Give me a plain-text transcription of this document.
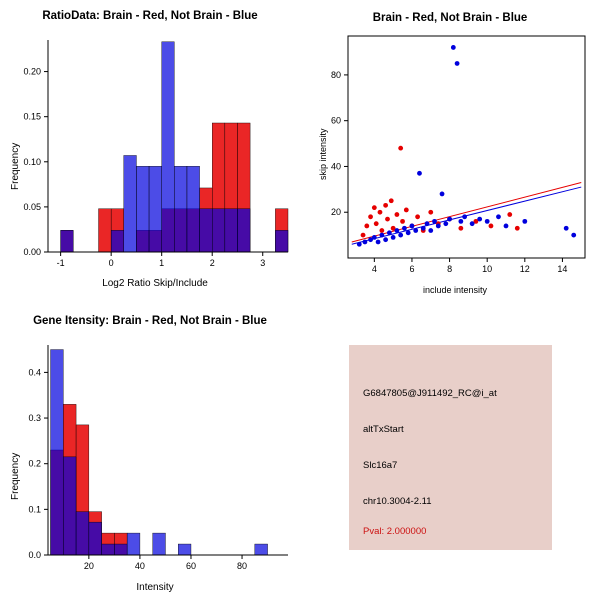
RatioData: Brain - Red, Not Brain - Blue
Frequency
Log2 Ratio Skip/Include
-1	0	1	2	3
0.00
0.05
0.10
0.15
0.20
Brain - Red, Not Brain - Blue
skip intensity
include intensity
4	6	8	10	12	14
20
40
60
80
Gene Itensity: Brain - Red, Not Brain - Blue
Frequency
Intensity
20	40	60	80
0.0
0.1
0.2
0.3
0.4
G6847805@J911492_RC@i_at
altTxStart
Slc16a7
chr10.3004-2.11
Pval: 2.000000
